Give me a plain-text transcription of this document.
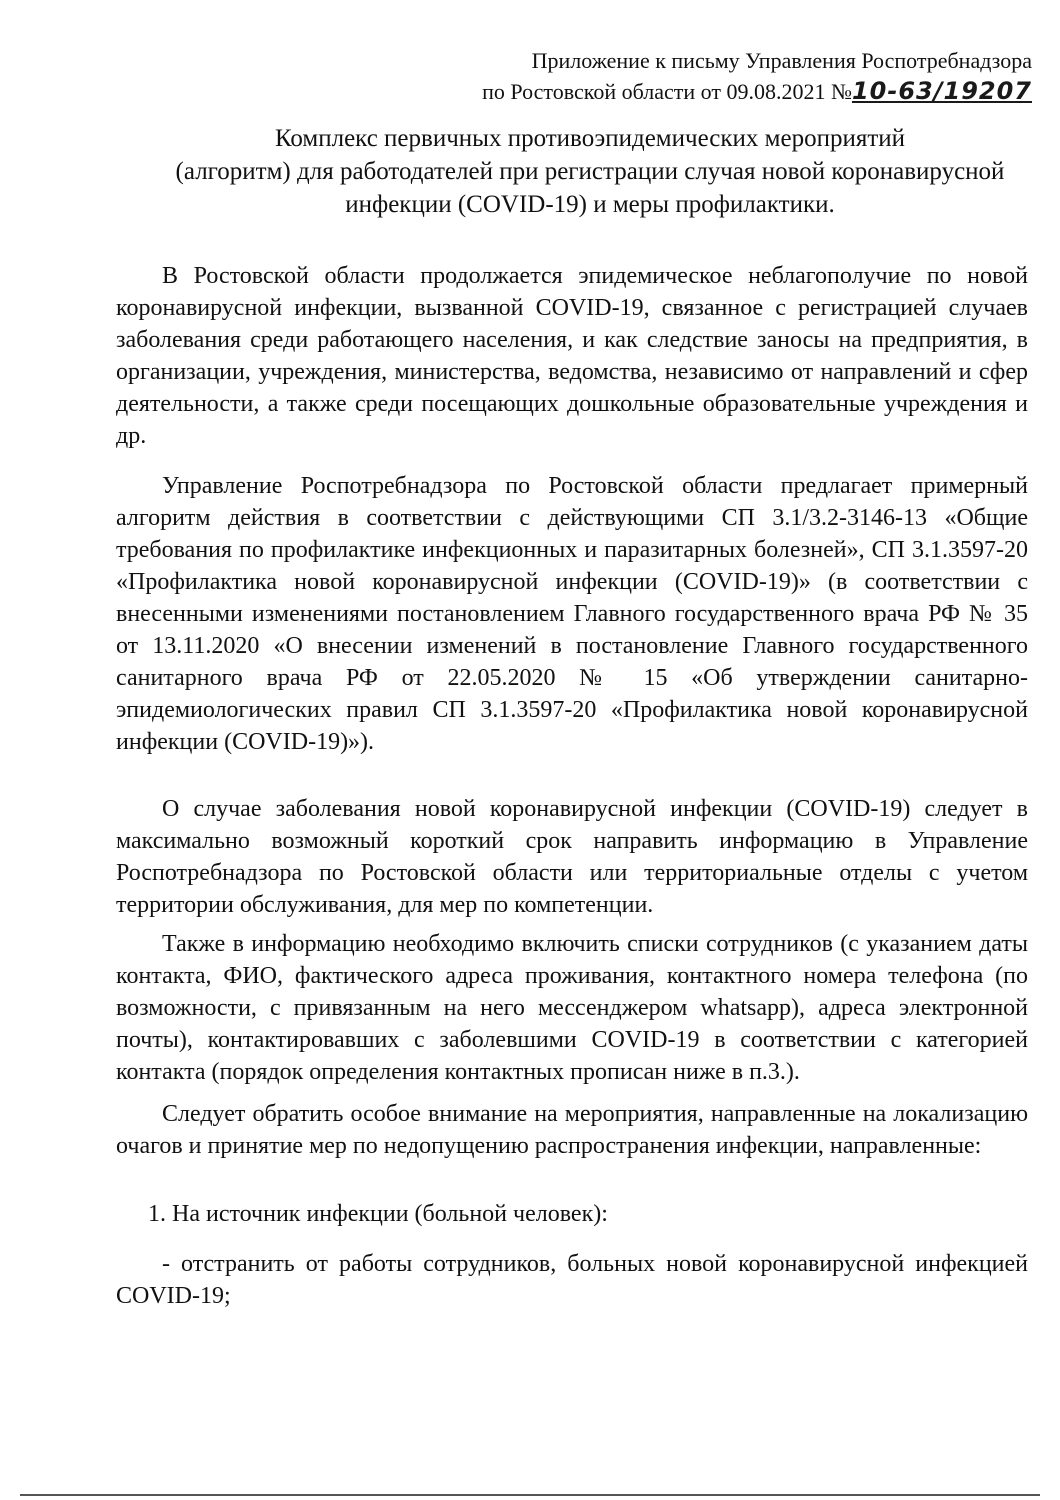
Приложение к письму Управления Роспотребнадзора
по Ростовской области от 09.08.2021 №10-63/19207
Комплекс первичных противоэпидемических мероприятий
(алгоритм) для работодателей при регистрации случая новой коронавирусной
инфекции (COVID-19) и меры профилактики.

В Ростовской области продолжается эпидемическое неблагополучие по новой коронавирусной инфекции, вызванной COVID-19, связанное с регистрацией случаев заболевания среди работающего населения, и как следствие заносы на предприятия, в организации, учреждения, министерства, ведомства, независимо от направлений и сфер деятельности, а также среди посещающих дошкольные образовательные учреждения и др.

Управление Роспотребнадзора по Ростовской области предлагает примерный алгоритм действия в соответствии с действующими СП 3.1/3.2-3146-13 «Общие требования по профилактике инфекционных и паразитарных болезней», СП 3.1.3597-20 «Профилактика новой коронавирусной инфекции (COVID-19)» (в соответствии с внесенными изменениями постановлением Главного государственного врача РФ № 35 от 13.11.2020 «О внесении изменений в постановление Главного государственного санитарного врача РФ от 22.05.2020 № 15 «Об утверждении санитарно-эпидемиологических правил СП 3.1.3597-20 «Профилактика новой коронавирусной инфекции (COVID-19)»).

О случае заболевания новой коронавирусной инфекции (COVID-19) следует в максимально возможный короткий срок направить информацию в Управление Роспотребнадзора по Ростовской области или территориальные отделы с учетом территории обслуживания, для мер по компетенции.

Также в информацию необходимо включить списки сотрудников (с указанием даты контакта, ФИО, фактического адреса проживания, контактного номера телефона (по возможности, с привязанным на него мессенджером whatsapp), адреса электронной почты), контактировавших с заболевшими COVID-19 в соответствии с категорией контакта (порядок определения контактных прописан ниже в п.3.).

Следует обратить особое внимание на мероприятия, направленные на локализацию очагов и принятие мер по недопущению распространения инфекции, направленные:

1. На источник инфекции (больной человек):

- отстранить от работы сотрудников, больных новой коронавирусной инфекцией COVID-19;
